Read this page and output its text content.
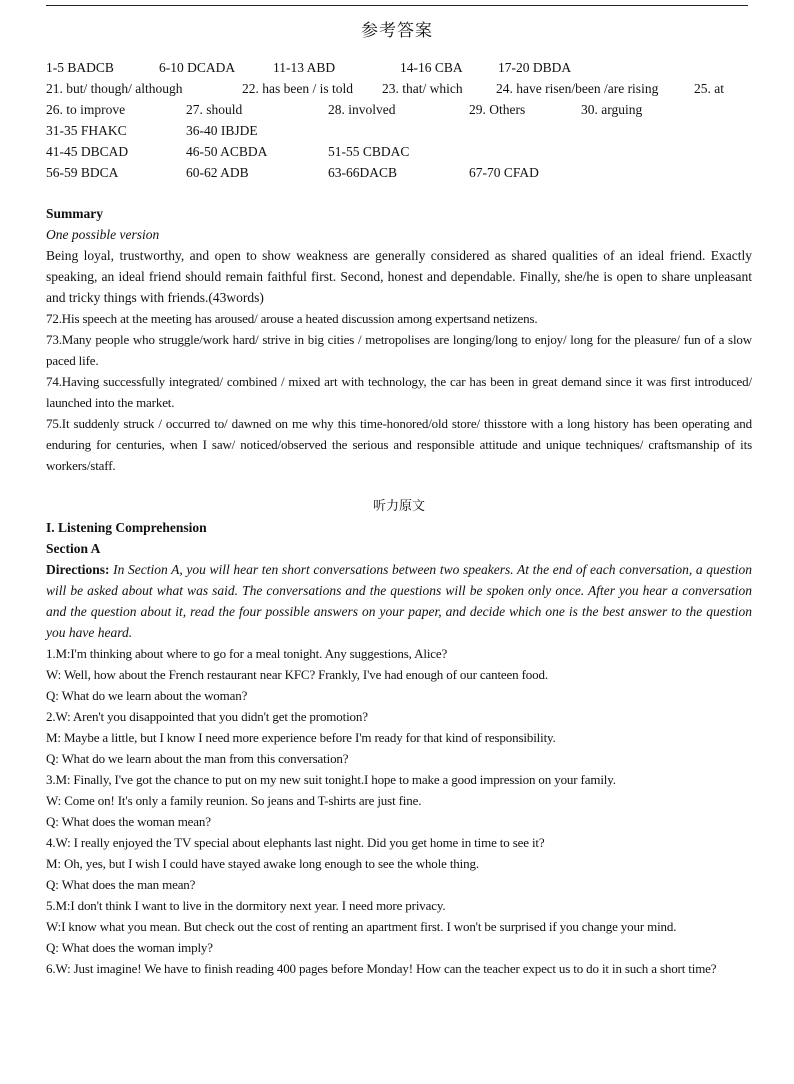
参考答案
1-5 BADCB	6-10 DCADA	11-13 ABD	14-16 CBA	17-20 DBDA
21. but/ though/ although	22. has been / is told 23. that/ which 24. have risen/been /are rising	25. at
26. to improve	27. should	28. involved	29. Others	30. arguing
31-35 FHAKC	36-40 IBJDE
41-45 DBCAD	46-50 ACBDA	51-55 CBDAC
56-59 BDCA	60-62 ADB	63-66DACB	67-70 CFAD
Summary
One possible version
Being loyal, trustworthy, and open to show weakness are generally considered as shared qualities of an ideal friend. Exactly speaking, an ideal friend should remain faithful first. Second, honest and dependable. Finally, she/he is open to share unpleasant and tricky things with friends.(43words)
72.His speech at the meeting has aroused/ arouse a heated discussion among expertsand netizens.
73.Many people who struggle/work hard/ strive in big cities / metropolises are longing/long to enjoy/ long for the pleasure/ fun of a slow paced life.
74.Having successfully integrated/ combined / mixed art with technology, the car has been in great demand since it was first introduced/ launched into the market.
75.It suddenly struck / occurred to/ dawned on me why this time-honored/old store/ thisstore with a long history has been operating and enduring for centuries, when I saw/ noticed/observed the serious and responsible attitude and unique techniques/ craftsmanship of its workers/staff.
听力原文
I. Listening Comprehension
Section A
Directions: In Section A, you will hear ten short conversations between two speakers. At the end of each conversation, a question will be asked about what was said. The conversations and the questions will be spoken only once. After you hear a conversation and the question about it, read the four possible answers on your paper, and decide which one is the best answer to the question you have heard.
1.M:I'm thinking about where to go for a meal tonight. Any suggestions, Alice?
W: Well, how about the French restaurant near KFC? Frankly, I've had enough of our canteen food.
Q: What do we learn about the woman?
2.W: Aren't you disappointed that you didn't get the promotion?
M: Maybe a little, but I know I need more experience before I'm ready for that kind of responsibility.
Q: What do we learn about the man from this conversation?
3.M: Finally, I've got the chance to put on my new suit tonight.I hope to make a good impression on your family.
W: Come on! It's only a family reunion. So jeans and T-shirts are just fine.
Q: What does the woman mean?
4.W: I really enjoyed the TV special about elephants last night. Did you get home in time to see it?
M: Oh, yes, but I wish I could have stayed awake long enough to see the whole thing.
Q: What does the man mean?
5.M:I don't think I want to live in the dormitory next year. I need more privacy.
W:I know what you mean. But check out the cost of renting an apartment first. I won't be surprised if you change your mind.
Q: What does the woman imply?
6.W: Just imagine! We have to finish reading 400 pages before Monday! How can the teacher expect us to do it in such a short time?
